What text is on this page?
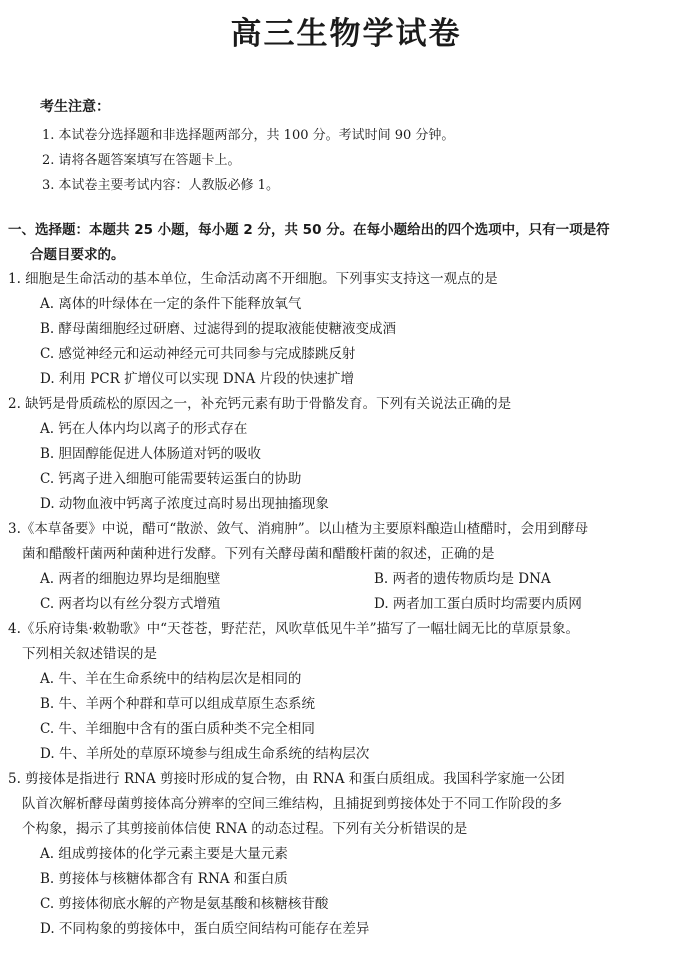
高三生物学试卷
考生注意：
1. 本试卷分选择题和非选择题两部分，共 100 分。考试时间 90 分钟。
2. 请将各题答案填写在答题卡上。
3. 本试卷主要考试内容：人教版必修 1。
一、选择题：本题共 25 小题，每小题 2 分，共 50 分。在每小题给出的四个选项中，只有一项是符
合题目要求的。
1. 细胞是生命活动的基本单位，生命活动离不开细胞。下列事实支持这一观点的是
A. 离体的叶绿体在一定的条件下能释放氧气
B. 酵母菌细胞经过研磨、过滤得到的提取液能使糖液变成酒
C. 感觉神经元和运动神经元可共同参与完成膝跳反射
D. 利用 PCR 扩增仪可以实现 DNA 片段的快速扩增
2. 缺钙是骨质疏松的原因之一，补充钙元素有助于骨骼发育。下列有关说法正确的是
A. 钙在人体内均以离子的形式存在
B. 胆固醇能促进人体肠道对钙的吸收
C. 钙离子进入细胞可能需要转运蛋白的协助
D. 动物血液中钙离子浓度过高时易出现抽搐现象
3.《本草备要》中说，醋可“散淤、敛气、消痈肿”。以山楂为主要原料酿造山楂醋时，会用到酵母
菌和醋酸杆菌两种菌种进行发酵。下列有关酵母菌和醋酸杆菌的叙述，正确的是
A. 两者的细胞边界均是细胞壁	B. 两者的遗传物质均是 DNA
C. 两者均以有丝分裂方式增殖	D. 两者加工蛋白质时均需要内质网
4.《乐府诗集·敕勒歌》中“天苍苍，野茫茫，风吹草低见牛羊”描写了一幅壮阔无比的草原景象。
下列相关叙述错误的是
A. 牛、羊在生命系统中的结构层次是相同的
B. 牛、羊两个种群和草可以组成草原生态系统
C. 牛、羊细胞中含有的蛋白质种类不完全相同
D. 牛、羊所处的草原环境参与组成生命系统的结构层次
5. 剪接体是指进行 RNA 剪接时形成的复合物，由 RNA 和蛋白质组成。我国科学家施一公团
队首次解析酵母菌剪接体高分辨率的空间三维结构，且捕捉到剪接体处于不同工作阶段的多
个构象，揭示了其剪接前体信使 RNA 的动态过程。下列有关分析错误的是
A. 组成剪接体的化学元素主要是大量元素
B. 剪接体与核糖体都含有 RNA 和蛋白质
C. 剪接体彻底水解的产物是氨基酸和核糖核苷酸
D. 不同构象的剪接体中，蛋白质空间结构可能存在差异
